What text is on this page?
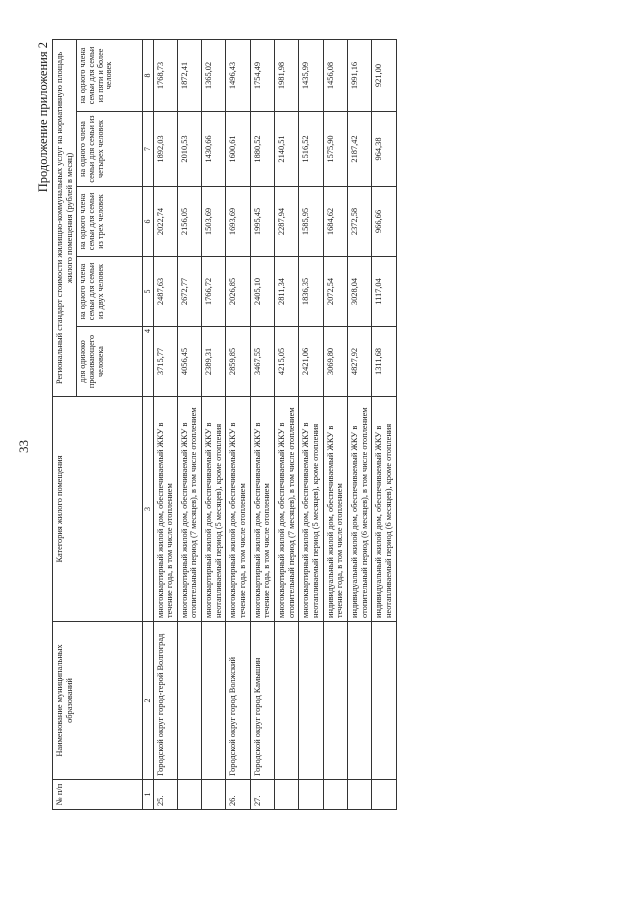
33
Продолжение приложения 2
№ п/п	Наименование муниципальных образований	Категория жилого помещения	Региональный стандарт стоимости жилищно-коммунальных услуг на нормативную площадь жилого помещения (рублей в месяц)				
			для одиноко проживающего человека	на одного члена семьи для семьи из двух человек	на одного члена семьи для семьи из трех человек	на одного члена семьи для семьи из четырех человек	на одного члена семьи для семьи из пяти и более человек
1	2	3	4	5	6	7	8
25.	Городской округ город-герой Волгоград	многоквартирный жилой дом, обеспечиваемый ЖКУ в течение года, в том числе отоплением	3715,77	2487,63	2022,74	1892,03	1768,73
		многоквартирный жилой дом, обеспечиваемый ЖКУ в отопительный период (7 месяцев), в том числе отоплением	4056,45	2672,77	2156,05	2010,53	1872,41
		многоквартирный жилой дом, обеспечиваемый ЖКУ в неотапливаемый период (5 месяцев), кроме отопления	2389,31	1766,72	1503,69	1430,66	1365,02
26.	Городской округ город Волжский	многоквартирный жилой дом, обеспечиваемый ЖКУ в течение года, в том числе отоплением	2859,85	2026,85	1693,69	1600,61	1496,43
27.	Городской округ город Камышин	многоквартирный жилой дом, обеспечиваемый ЖКУ в течение года, в том числе отоплением	3467,55	2405,10	1995,45	1880,52	1754,49
		многоквартирный жилой дом, обеспечиваемый ЖКУ в отопительный период (7 месяцев), в том числе отоплением	4215,05	2811,34	2287,94	2140,51	1981,98
		многоквартирный жилой дом, обеспечиваемый ЖКУ в неотапливаемый период (5 месяцев), кроме отопления	2421,06	1836,35	1585,95	1516,52	1435,99
		индивидуальный жилой дом, обеспечиваемый ЖКУ в течение года, в том числе отоплением	3069,80	2072,54	1684,62	1575,90	1456,08
		индивидуальный жилой дом, обеспечиваемый ЖКУ в отопительный период (6 месяцев), в том числе отоплением	4827,92	3028,04	2372,58	2187,42	1991,16
		индивидуальный жилой дом, обеспечиваемый ЖКУ в неотапливаемый период (6 месяцев), кроме отопления	1311,68	1117,04	966,66	964,38	921,00
